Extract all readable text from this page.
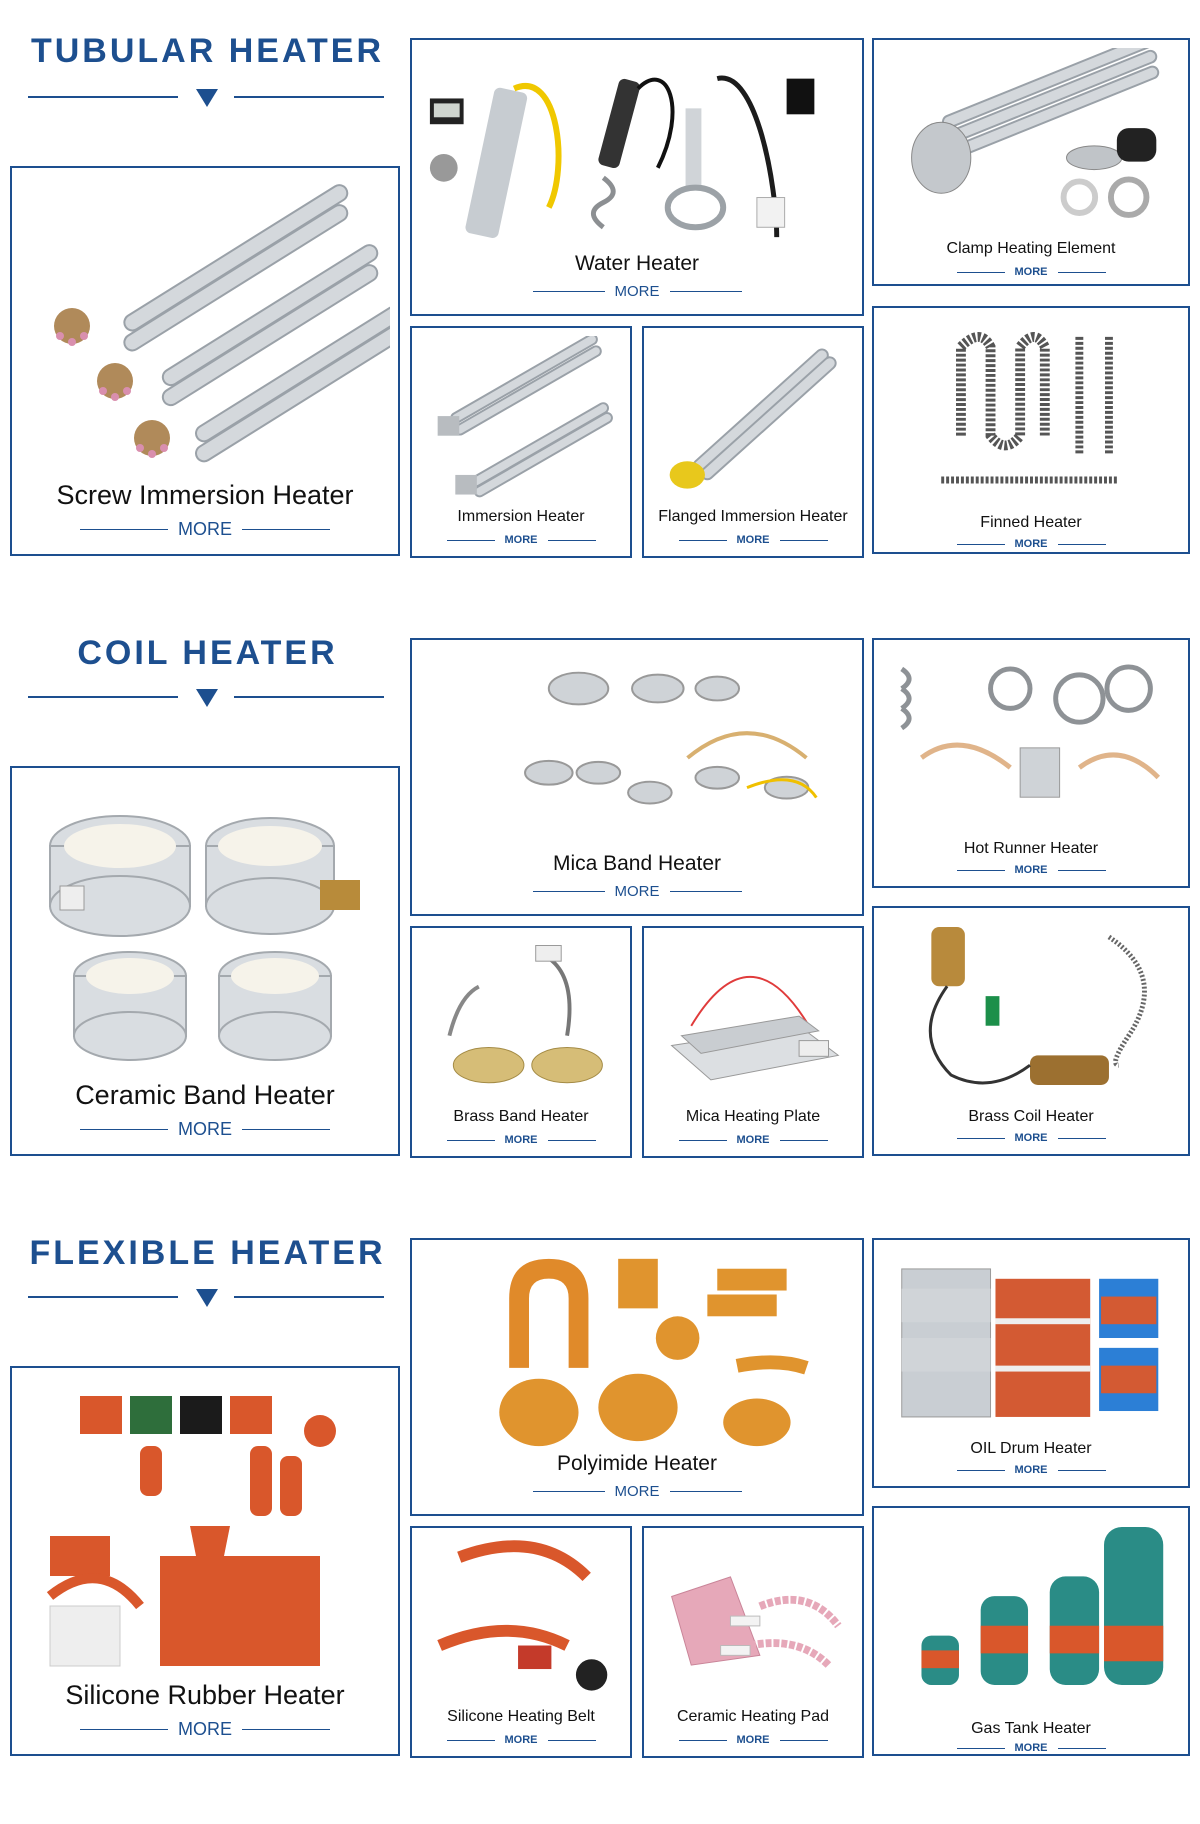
TUBULAR HEATER
Screw Immersion Heater
MORE
Water Heater
MORE
Clamp Heating Element
MORE
Immersion Heater
MORE
Flanged Immersion Heater
MORE
Finned Heater
MORE
COIL HEATER
Ceramic Band Heater
MORE
Mica Band Heater
MORE
Hot Runner Heater
MORE
Brass Band Heater
MORE
Mica Heating Plate
MORE
Brass Coil Heater
MORE
FLEXIBLE HEATER
Silicone Rubber Heater
MORE
Polyimide Heater
MORE
OIL Drum Heater
MORE
Silicone Heating Belt
MORE
Ceramic Heating Pad
MORE
Gas Tank Heater
MORE
